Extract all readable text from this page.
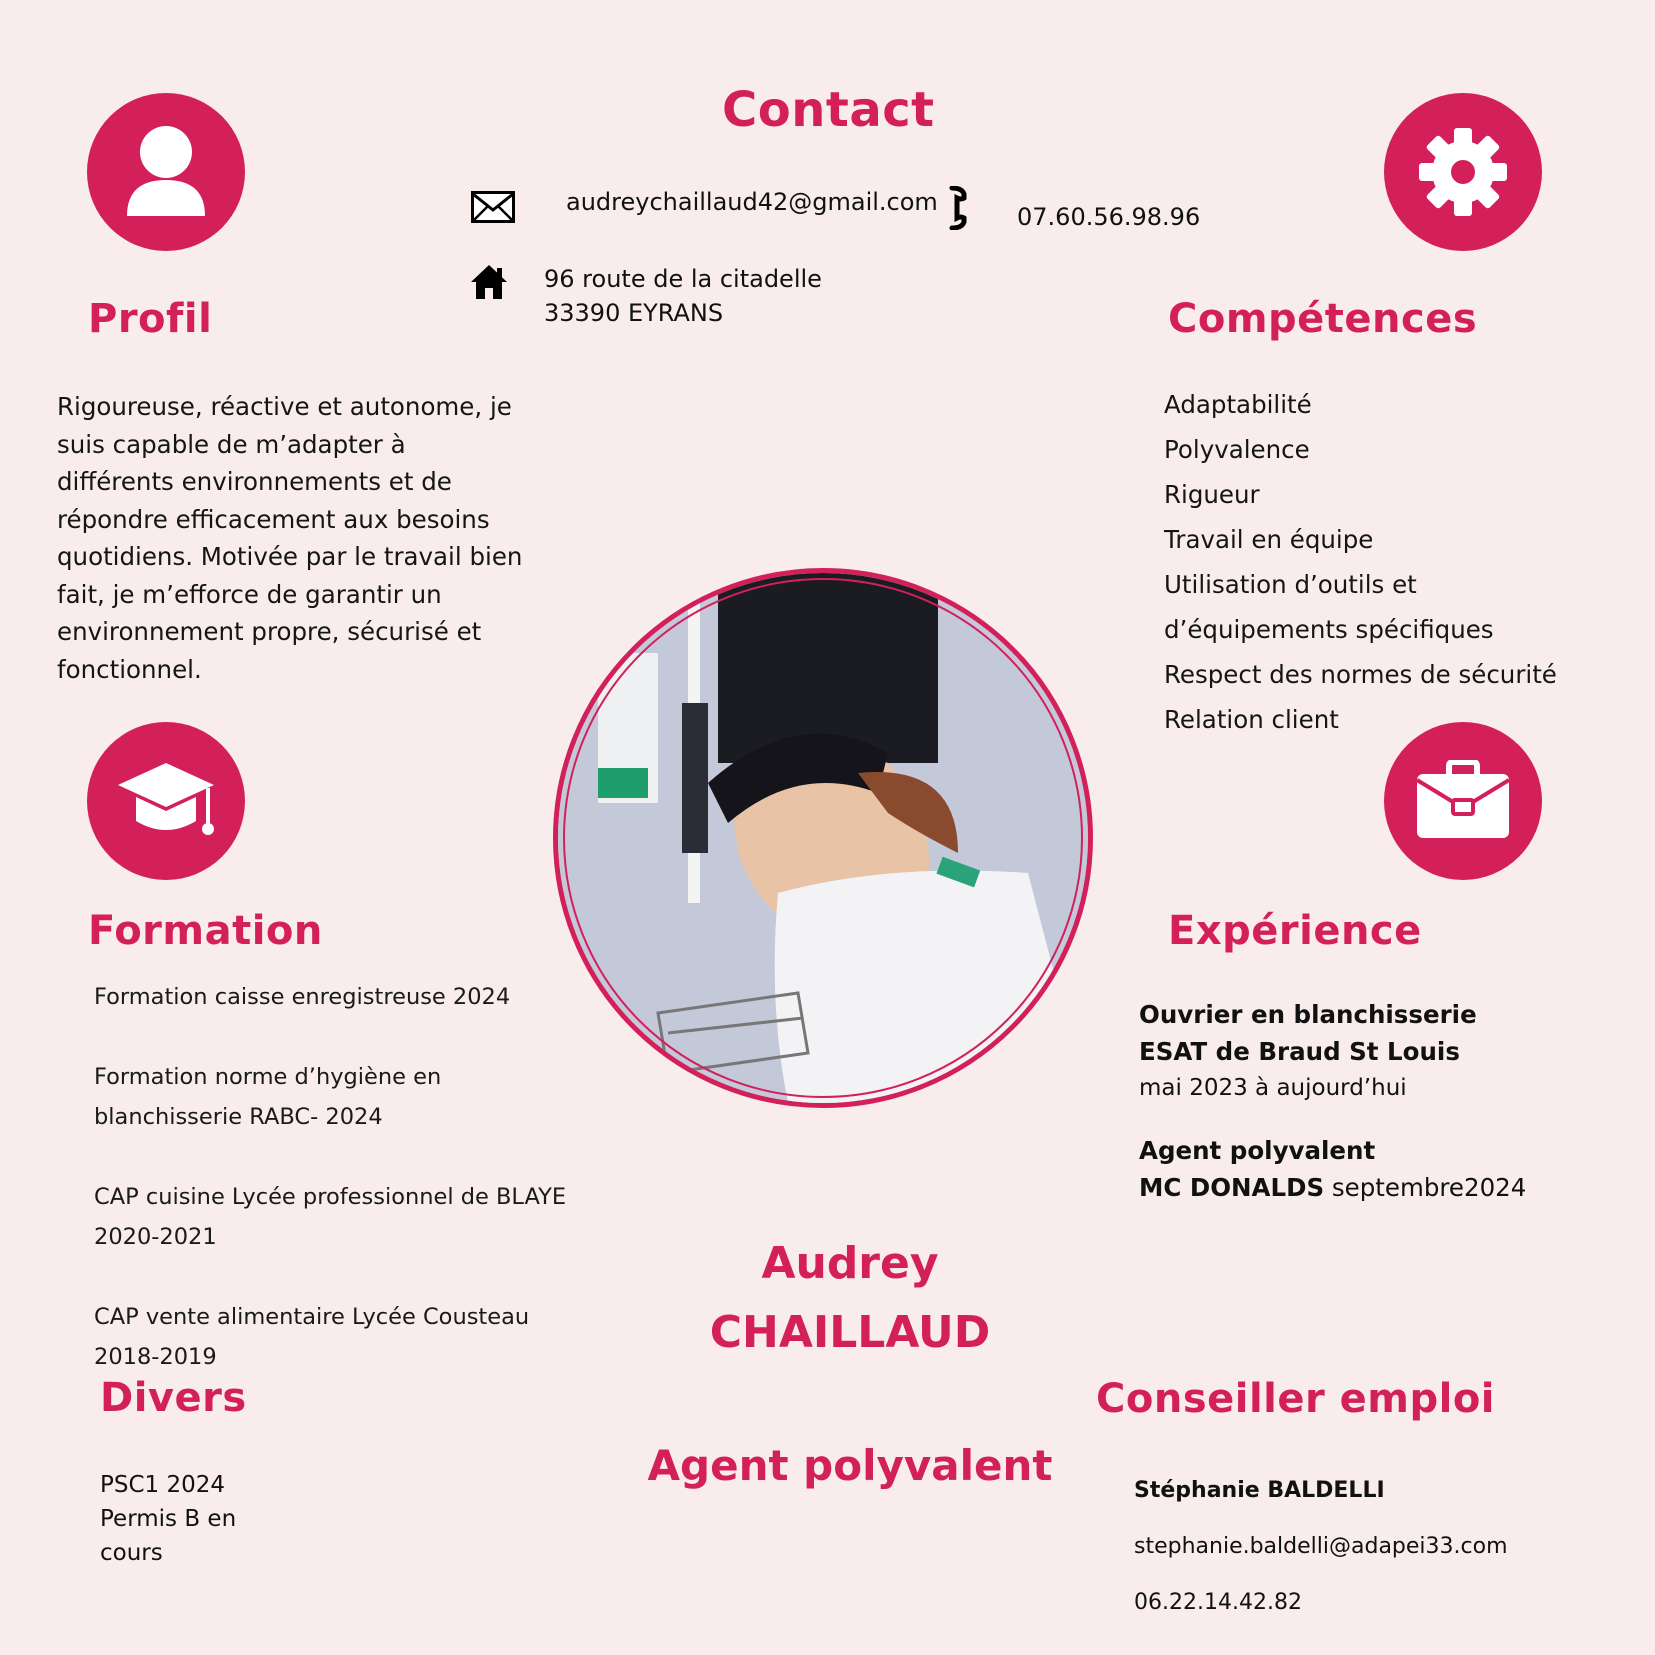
Contact
audreychaillaud42@gmail.com
07.60.56.98.96
96 route de la citadelle
33390 EYRANS
Profil
Rigoureuse, réactive et autonome, je suis capable de m’adapter à différents environnements et de répondre efficacement aux besoins quotidiens. Motivée par le travail bien fait, je m’efforce de garantir un environnement propre, sécurisé et fonctionnel.
Compétences
Adaptabilité
Polyvalence
Rigueur
Travail en équipe
Utilisation d’outils et
d’équipements spécifiques
Respect des normes de sécurité
Relation client
Formation
Formation caisse enregistreuse 2024
Formation norme d’hygiène en
blanchisserie RABC- 2024
CAP cuisine Lycée professionnel de BLAYE
2020-2021
CAP vente alimentaire Lycée Cousteau
2018-2019
Expérience
Ouvrier en blanchisserie
ESAT de Braud St Louis
mai 2023 à aujourd’hui
Agent polyvalent
MC DONALDS septembre2024
Audrey
CHAILLAUD
Agent polyvalent
Divers
PSC1 2024
Permis B en
cours
Conseiller emploi
Stéphanie BALDELLI
stephanie.baldelli@adapei33.com
06.22.14.42.82
